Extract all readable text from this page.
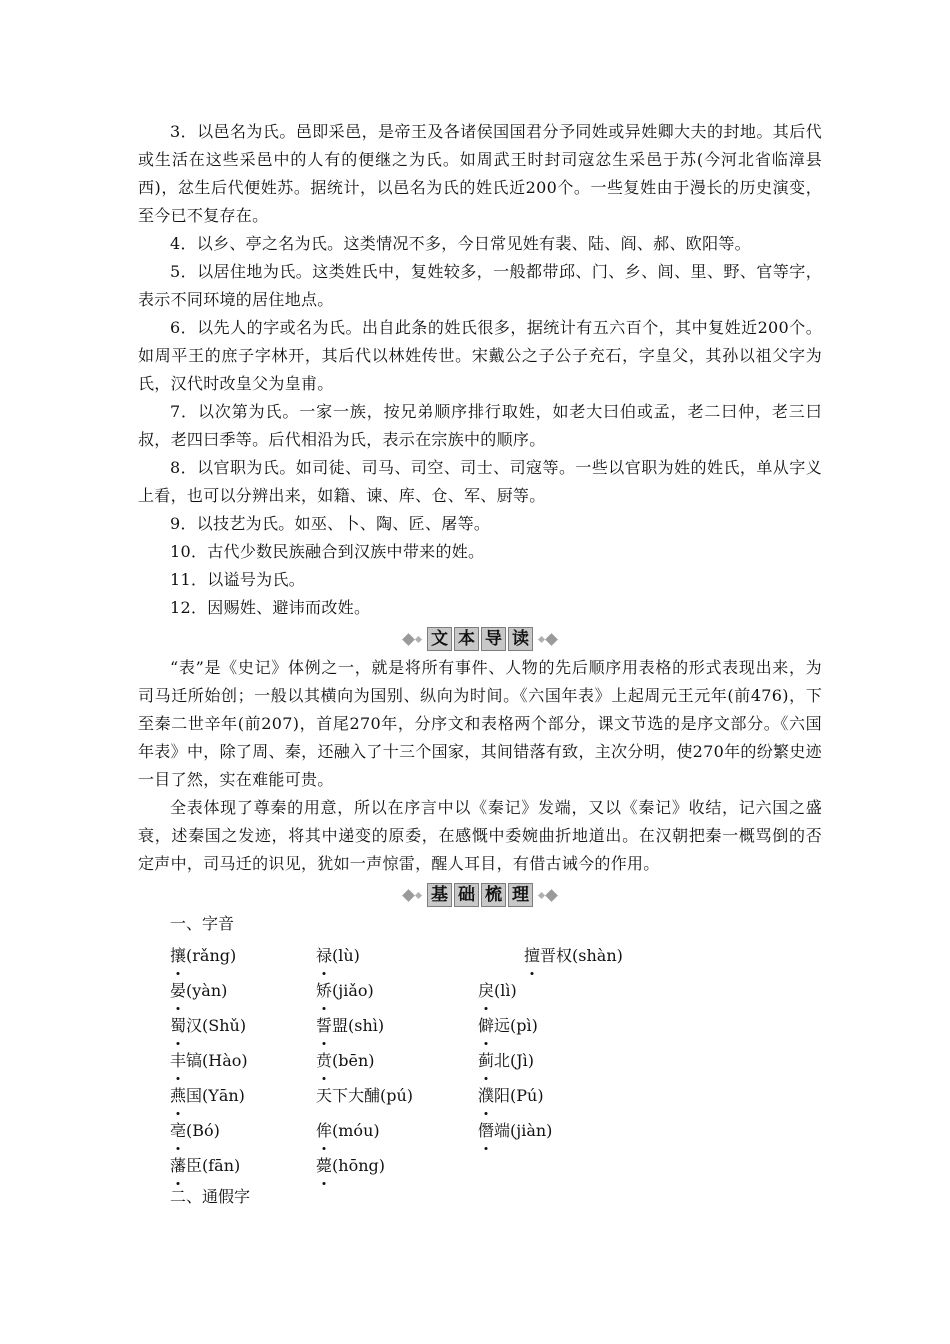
3．以邑名为氏。邑即采邑，是帝王及各诸侯国国君分予同姓或异姓卿大夫的封地。其后代或生活在这些采邑中的人有的便继之为氏。如周武王时封司寇忿生采邑于苏(今河北省临漳县西)，忿生后代便姓苏。据统计，以邑名为氏的姓氏近200个。一些复姓由于漫长的历史演变，至今已不复存在。

4．以乡、亭之名为氏。这类情况不多，今日常见姓有裴、陆、阎、郝、欧阳等。

5．以居住地为氏。这类姓氏中，复姓较多，一般都带邱、门、乡、闾、里、野、官等字，表示不同环境的居住地点。

6．以先人的字或名为氏。出自此条的姓氏很多，据统计有五六百个，其中复姓近200个。如周平王的庶子字林开，其后代以林姓传世。宋戴公之子公子充石，字皇父，其孙以祖父字为氏，汉代时改皇父为皇甫。

7．以次第为氏。一家一族，按兄弟顺序排行取姓，如老大曰伯或孟，老二曰仲，老三曰叔，老四曰季等。后代相沿为氏，表示在宗族中的顺序。

8．以官职为氏。如司徒、司马、司空、司士、司寇等。一些以官职为姓的姓氏，单从字义上看，也可以分辨出来，如籍、谏、库、仓、军、厨等。

9．以技艺为氏。如巫、卜、陶、匠、屠等。

10．古代少数民族融合到汉族中带来的姓。

11．以谥号为氏。

12．因赐姓、避讳而改姓。

文 本 导 读

“表”是《史记》体例之一，就是将所有事件、人物的先后顺序用表格的形式表现出来，为司马迁所始创；一般以其横向为国别、纵向为时间。《六国年表》上起周元王元年(前476)，下至秦二世辛年(前207)，首尾270年，分序文和表格两个部分，课文节选的是序文部分。《六国年表》中，除了周、秦，还融入了十三个国家，其间错落有致，主次分明，使270年的纷繁史迹一目了然，实在难能可贵。

全表体现了尊秦的用意，所以在序言中以《秦记》发端，又以《秦记》收结，记六国之盛衰，述秦国之发迹，将其中递变的原委，在感慨中委婉曲折地道出。在汉朝把秦一概骂倒的否定声中，司马迁的识见，犹如一声惊雷，醒人耳目，有借古诫今的作用。

基 础 梳 理

一、字音

攘(rǎng)	禄(lù)	擅晋权(shàn)
晏(yàn)	矫(jiǎo)	戾(lì)
蜀汉(Shǔ)	誓盟(shì)	僻远(pì)
丰镐(Hào)	贲(bēn)	蓟北(Jì)
燕国(Yān)	天下大酺(pú)	濮阳(Pú)
亳(Bó)	侔(móu)	僭端(jiàn)
藩臣(fān)	薨(hōng)

二、通假字
